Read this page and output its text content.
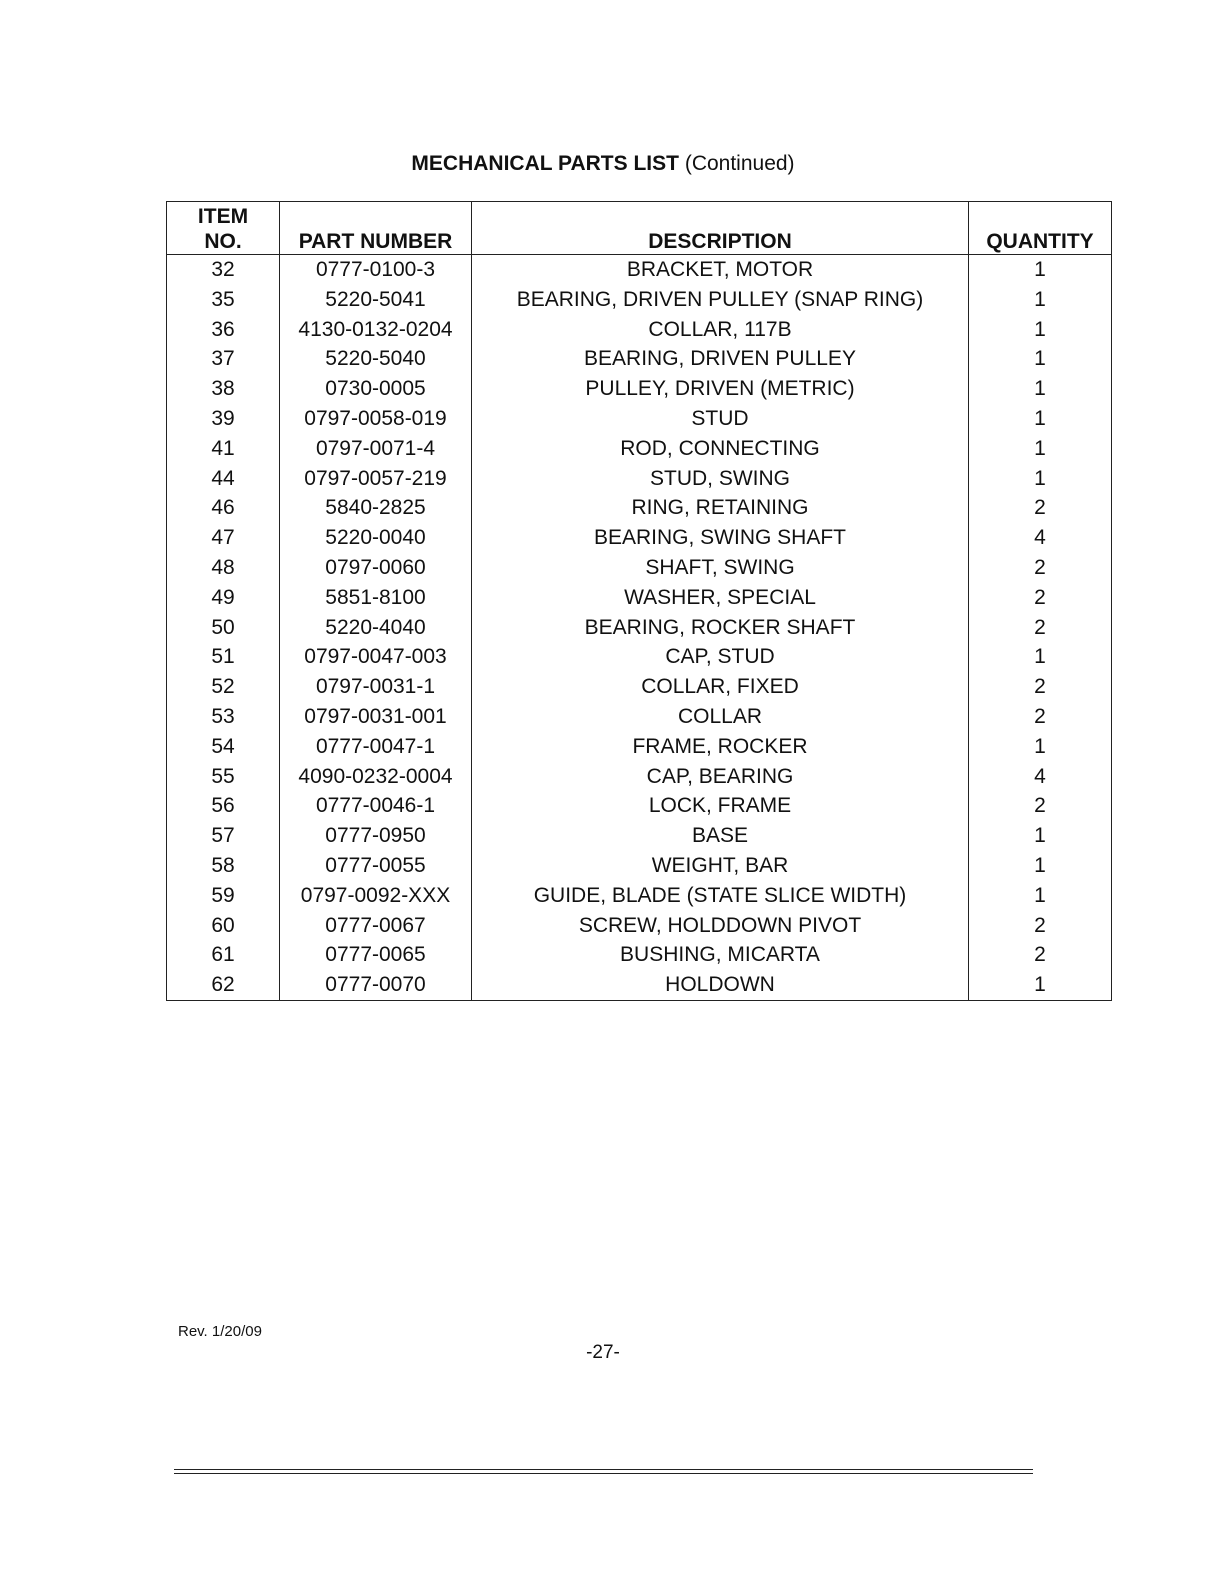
MECHANICAL PARTS LIST (Continued)
ITEM
NO.	PART NUMBER	DESCRIPTION	QUANTITY
32	0777-0100-3	BRACKET, MOTOR	1
35	5220-5041	BEARING, DRIVEN PULLEY (SNAP RING)	1
36	4130-0132-0204	COLLAR, 117B	1
37	5220-5040	BEARING, DRIVEN PULLEY	1
38	0730-0005	PULLEY, DRIVEN (METRIC)	1
39	0797-0058-019	STUD	1
41	0797-0071-4	ROD, CONNECTING	1
44	0797-0057-219	STUD, SWING	1
46	5840-2825	RING, RETAINING	2
47	5220-0040	BEARING, SWING SHAFT	4
48	0797-0060	SHAFT, SWING	2
49	5851-8100	WASHER, SPECIAL	2
50	5220-4040	BEARING, ROCKER SHAFT	2
51	0797-0047-003	CAP, STUD	1
52	0797-0031-1	COLLAR, FIXED	2
53	0797-0031-001	COLLAR	2
54	0777-0047-1	FRAME, ROCKER	1
55	4090-0232-0004	CAP, BEARING	4
56	0777-0046-1	LOCK, FRAME	2
57	0777-0950	BASE	1
58	0777-0055	WEIGHT, BAR	1
59	0797-0092-XXX	GUIDE, BLADE (STATE SLICE WIDTH)	1
60	0777-0067	SCREW, HOLDDOWN PIVOT	2
61	0777-0065	BUSHING, MICARTA	2
62	0777-0070	HOLDOWN	1
Rev. 1/20/09
-27-
